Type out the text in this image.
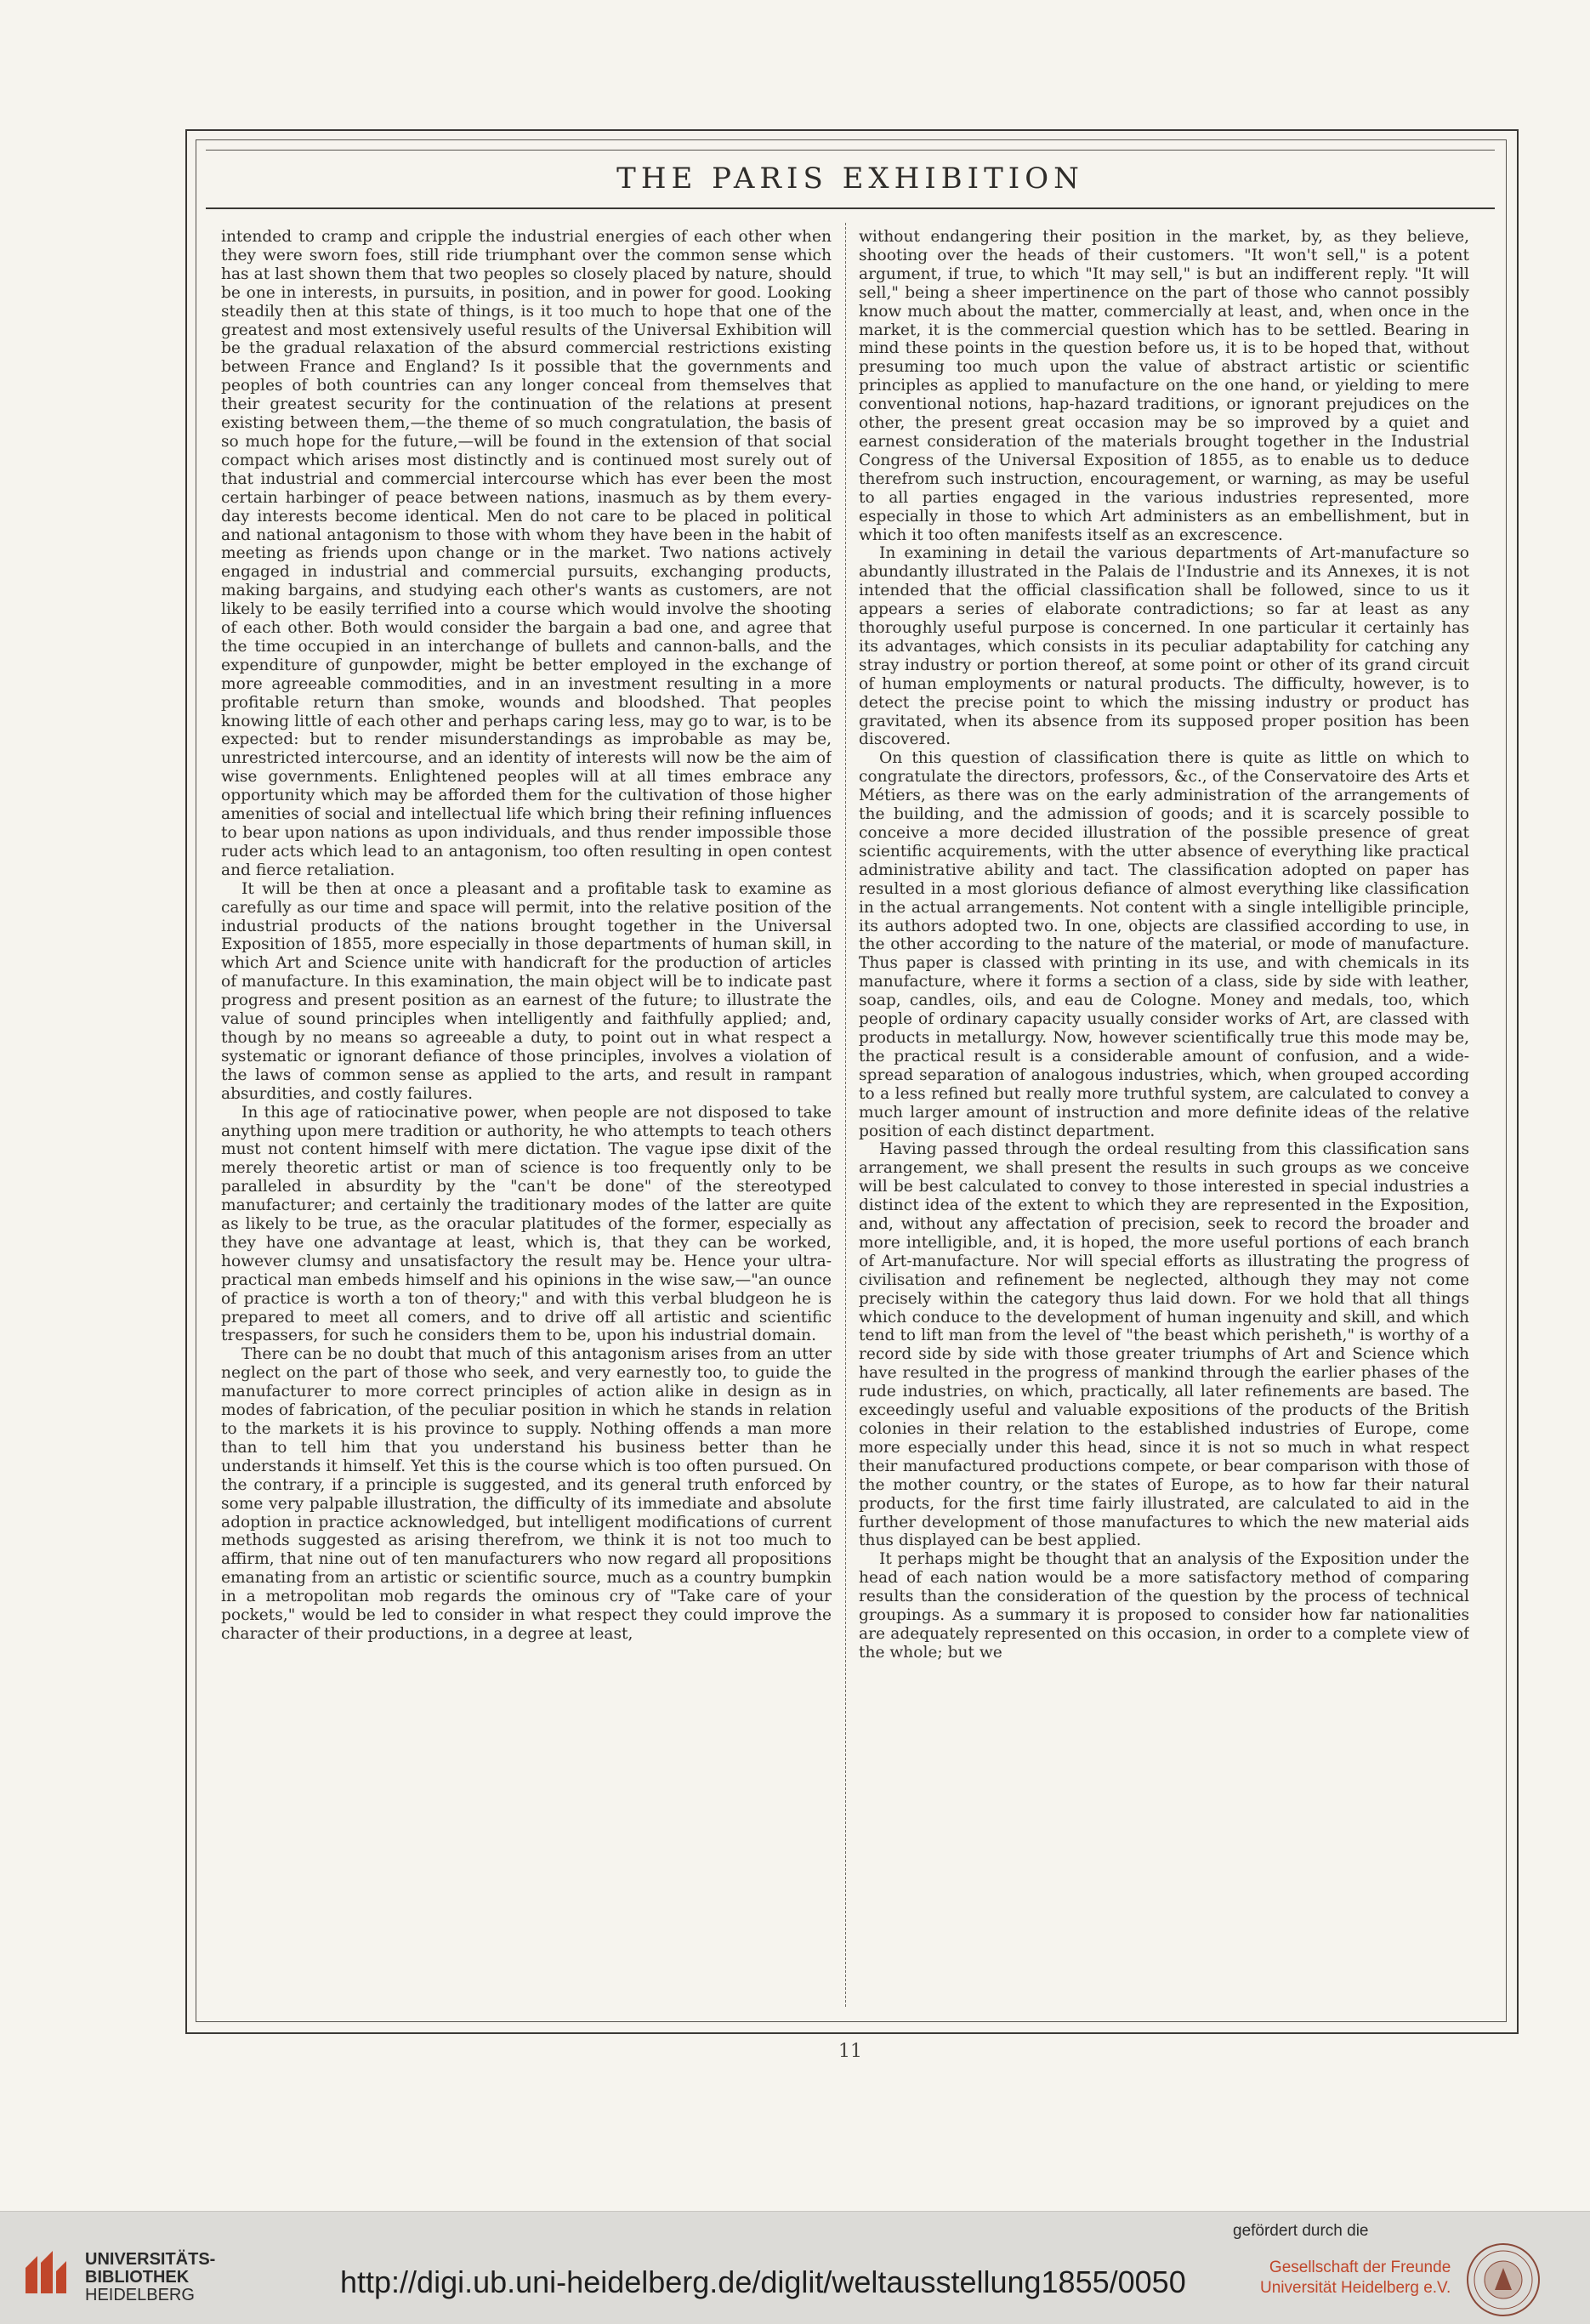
THE PARIS EXHIBITION

intended to cramp and cripple the industrial energies of each other when they were sworn foes, still ride triumphant over the common sense which has at last shown them that two peoples so closely placed by nature, should be one in interests, in pursuits, in position, and in power for good. Looking steadily then at this state of things, is it too much to hope that one of the greatest and most extensively useful results of the Universal Exhibition will be the gradual relaxation of the absurd commercial restrictions existing between France and England? Is it possible that the governments and peoples of both countries can any longer conceal from themselves that their greatest security for the continuation of the relations at present existing between them,—the theme of so much congratulation, the basis of so much hope for the future,—will be found in the extension of that social compact which arises most distinctly and is continued most surely out of that industrial and commercial intercourse which has ever been the most certain harbinger of peace between nations, inasmuch as by them every-day interests become identical. Men do not care to be placed in political and national antagonism to those with whom they have been in the habit of meeting as friends upon change or in the market. Two nations actively engaged in industrial and commercial pursuits, exchanging products, making bargains, and studying each other's wants as customers, are not likely to be easily terrified into a course which would involve the shooting of each other. Both would consider the bargain a bad one, and agree that the time occupied in an interchange of bullets and cannon-balls, and the expenditure of gunpowder, might be better employed in the exchange of more agreeable commodities, and in an investment resulting in a more profitable return than smoke, wounds and bloodshed. That peoples knowing little of each other and perhaps caring less, may go to war, is to be expected: but to render misunderstandings as improbable as may be, unrestricted intercourse, and an identity of interests will now be the aim of wise governments. Enlightened peoples will at all times embrace any opportunity which may be afforded them for the cultivation of those higher amenities of social and intellectual life which bring their refining influences to bear upon nations as upon individuals, and thus render impossible those ruder acts which lead to an antagonism, too often resulting in open contest and fierce retaliation.

It will be then at once a pleasant and a profitable task to examine as carefully as our time and space will permit, into the relative position of the industrial products of the nations brought together in the Universal Exposition of 1855, more especially in those departments of human skill, in which Art and Science unite with handicraft for the production of articles of manufacture. In this examination, the main object will be to indicate past progress and present position as an earnest of the future; to illustrate the value of sound principles when intelligently and faithfully applied; and, though by no means so agreeable a duty, to point out in what respect a systematic or ignorant defiance of those principles, involves a violation of the laws of common sense as applied to the arts, and result in rampant absurdities, and costly failures.

In this age of ratiocinative power, when people are not disposed to take anything upon mere tradition or authority, he who attempts to teach others must not content himself with mere dictation. The vague ipse dixit of the merely theoretic artist or man of science is too frequently only to be paralleled in absurdity by the "can't be done" of the stereotyped manufacturer; and certainly the traditionary modes of the latter are quite as likely to be true, as the oracular platitudes of the former, especially as they have one advantage at least, which is, that they can be worked, however clumsy and unsatisfactory the result may be. Hence your ultra-practical man embeds himself and his opinions in the wise saw,—"an ounce of practice is worth a ton of theory;" and with this verbal bludgeon he is prepared to meet all comers, and to drive off all artistic and scientific trespassers, for such he considers them to be, upon his industrial domain.

There can be no doubt that much of this antagonism arises from an utter neglect on the part of those who seek, and very earnestly too, to guide the manufacturer to more correct principles of action alike in design as in modes of fabrication, of the peculiar position in which he stands in relation to the markets it is his province to supply. Nothing offends a man more than to tell him that you understand his business better than he understands it himself. Yet this is the course which is too often pursued. On the contrary, if a principle is suggested, and its general truth enforced by some very palpable illustration, the difficulty of its immediate and absolute adoption in practice acknowledged, but intelligent modifications of current methods suggested as arising therefrom, we think it is not too much to affirm, that nine out of ten manufacturers who now regard all propositions emanating from an artistic or scientific source, much as a country bumpkin in a metropolitan mob regards the ominous cry of "Take care of your pockets," would be led to consider in what respect they could improve the character of their productions, in a degree at least,

without endangering their position in the market, by, as they believe, shooting over the heads of their customers. "It won't sell," is a potent argument, if true, to which "It may sell," is but an indifferent reply. "It will sell," being a sheer impertinence on the part of those who cannot possibly know much about the matter, commercially at least, and, when once in the market, it is the commercial question which has to be settled. Bearing in mind these points in the question before us, it is to be hoped that, without presuming too much upon the value of abstract artistic or scientific principles as applied to manufacture on the one hand, or yielding to mere conventional notions, hap-hazard traditions, or ignorant prejudices on the other, the present great occasion may be so improved by a quiet and earnest consideration of the materials brought together in the Industrial Congress of the Universal Exposition of 1855, as to enable us to deduce therefrom such instruction, encouragement, or warning, as may be useful to all parties engaged in the various industries represented, more especially in those to which Art administers as an embellishment, but in which it too often manifests itself as an excrescence.

In examining in detail the various departments of Art-manufacture so abundantly illustrated in the Palais de l'Industrie and its Annexes, it is not intended that the official classification shall be followed, since to us it appears a series of elaborate contradictions; so far at least as any thoroughly useful purpose is concerned. In one particular it certainly has its advantages, which consists in its peculiar adaptability for catching any stray industry or portion thereof, at some point or other of its grand circuit of human employments or natural products. The difficulty, however, is to detect the precise point to which the missing industry or product has gravitated, when its absence from its supposed proper position has been discovered.

On this question of classification there is quite as little on which to congratulate the directors, professors, &c., of the Conservatoire des Arts et Métiers, as there was on the early administration of the arrangements of the building, and the admission of goods; and it is scarcely possible to conceive a more decided illustration of the possible presence of great scientific acquirements, with the utter absence of everything like practical administrative ability and tact. The classification adopted on paper has resulted in a most glorious defiance of almost everything like classification in the actual arrangements. Not content with a single intelligible principle, its authors adopted two. In one, objects are classified according to use, in the other according to the nature of the material, or mode of manufacture. Thus paper is classed with printing in its use, and with chemicals in its manufacture, where it forms a section of a class, side by side with leather, soap, candles, oils, and eau de Cologne. Money and medals, too, which people of ordinary capacity usually consider works of Art, are classed with products in metallurgy. Now, however scientifically true this mode may be, the practical result is a considerable amount of confusion, and a wide-spread separation of analogous industries, which, when grouped according to a less refined but really more truthful system, are calculated to convey a much larger amount of instruction and more definite ideas of the relative position of each distinct department.

Having passed through the ordeal resulting from this classification sans arrangement, we shall present the results in such groups as we conceive will be best calculated to convey to those interested in special industries a distinct idea of the extent to which they are represented in the Exposition, and, without any affectation of precision, seek to record the broader and more intelligible, and, it is hoped, the more useful portions of each branch of Art-manufacture. Nor will special efforts as illustrating the progress of civilisation and refinement be neglected, although they may not come precisely within the category thus laid down. For we hold that all things which conduce to the development of human ingenuity and skill, and which tend to lift man from the level of "the beast which perisheth," is worthy of a record side by side with those greater triumphs of Art and Science which have resulted in the progress of mankind through the earlier phases of the rude industries, on which, practically, all later refinements are based. The exceedingly useful and valuable expositions of the products of the British colonies in their relation to the established industries of Europe, come more especially under this head, since it is not so much in what respect their manufactured productions compete, or bear comparison with those of the mother country, or the states of Europe, as to how far their natural products, for the first time fairly illustrated, are calculated to aid in the further development of those manufactures to which the new material aids thus displayed can be best applied.

It perhaps might be thought that an analysis of the Exposition under the head of each nation would be a more satisfactory method of comparing results than the consideration of the question by the process of technical groupings. As a summary it is proposed to consider how far nationalities are adequately represented on this occasion, in order to a complete view of the whole; but we

11
UNIVERSITÄTS-
BIBLIOTHEK
HEIDELBERG	http://digi.ub.uni-heidelberg.de/diglit/weltausstellung1855/0050
gefördert durch die
Gesellschaft der Freunde
Universität Heidelberg e.V.
